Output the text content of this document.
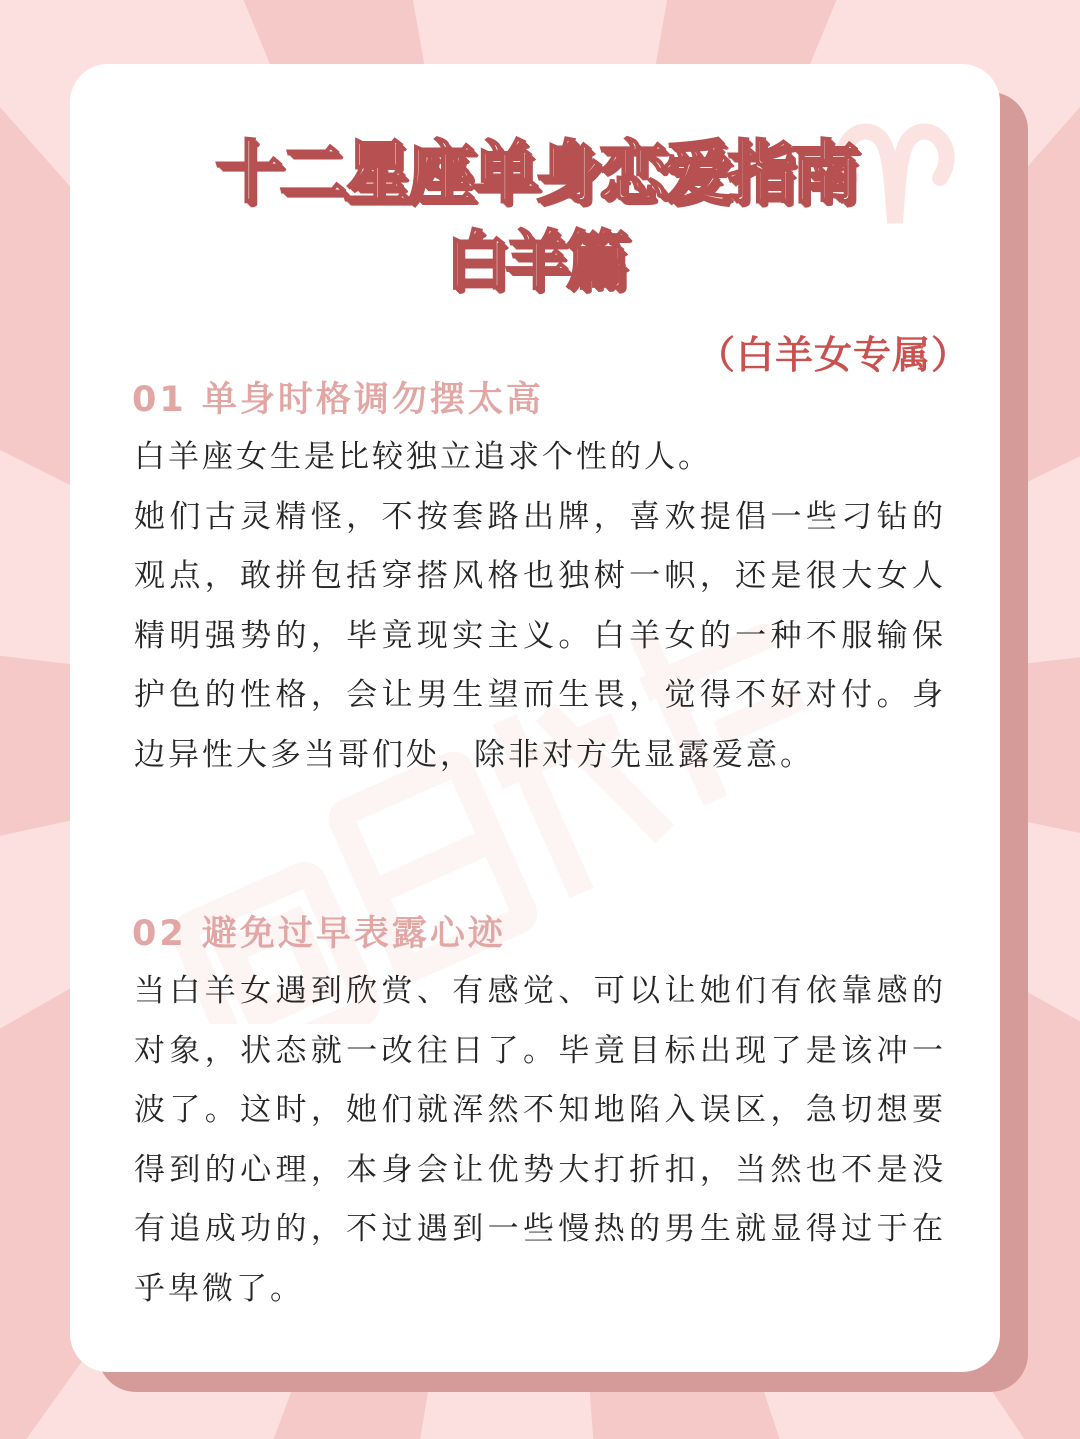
十二星座单身恋爱指南
白羊篇
（白羊女专属）
01 单身时格调勿摆太高

白羊座女生是比较独立追求个性的人。

她们古灵精怪，不按套路出牌，喜欢提倡一些刁钻的观点，敢拼包括穿搭风格也独树一帜，还是很大女人精明强势的，毕竟现实主义。白羊女的一种不服输保护色的性格，会让男生望而生畏，觉得不好对付。身边异性大多当哥们处，除非对方先显露爱意。

02 避免过早表露心迹

当白羊女遇到欣赏、有感觉、可以让她们有依靠感的对象，状态就一改往日了。毕竟目标出现了是该冲一波了。这时，她们就浑然不知地陷入误区，急切想要得到的心理，本身会让优势大打折扣，当然也不是没有追成功的，不过遇到一些慢热的男生就显得过于在乎卑微了。
